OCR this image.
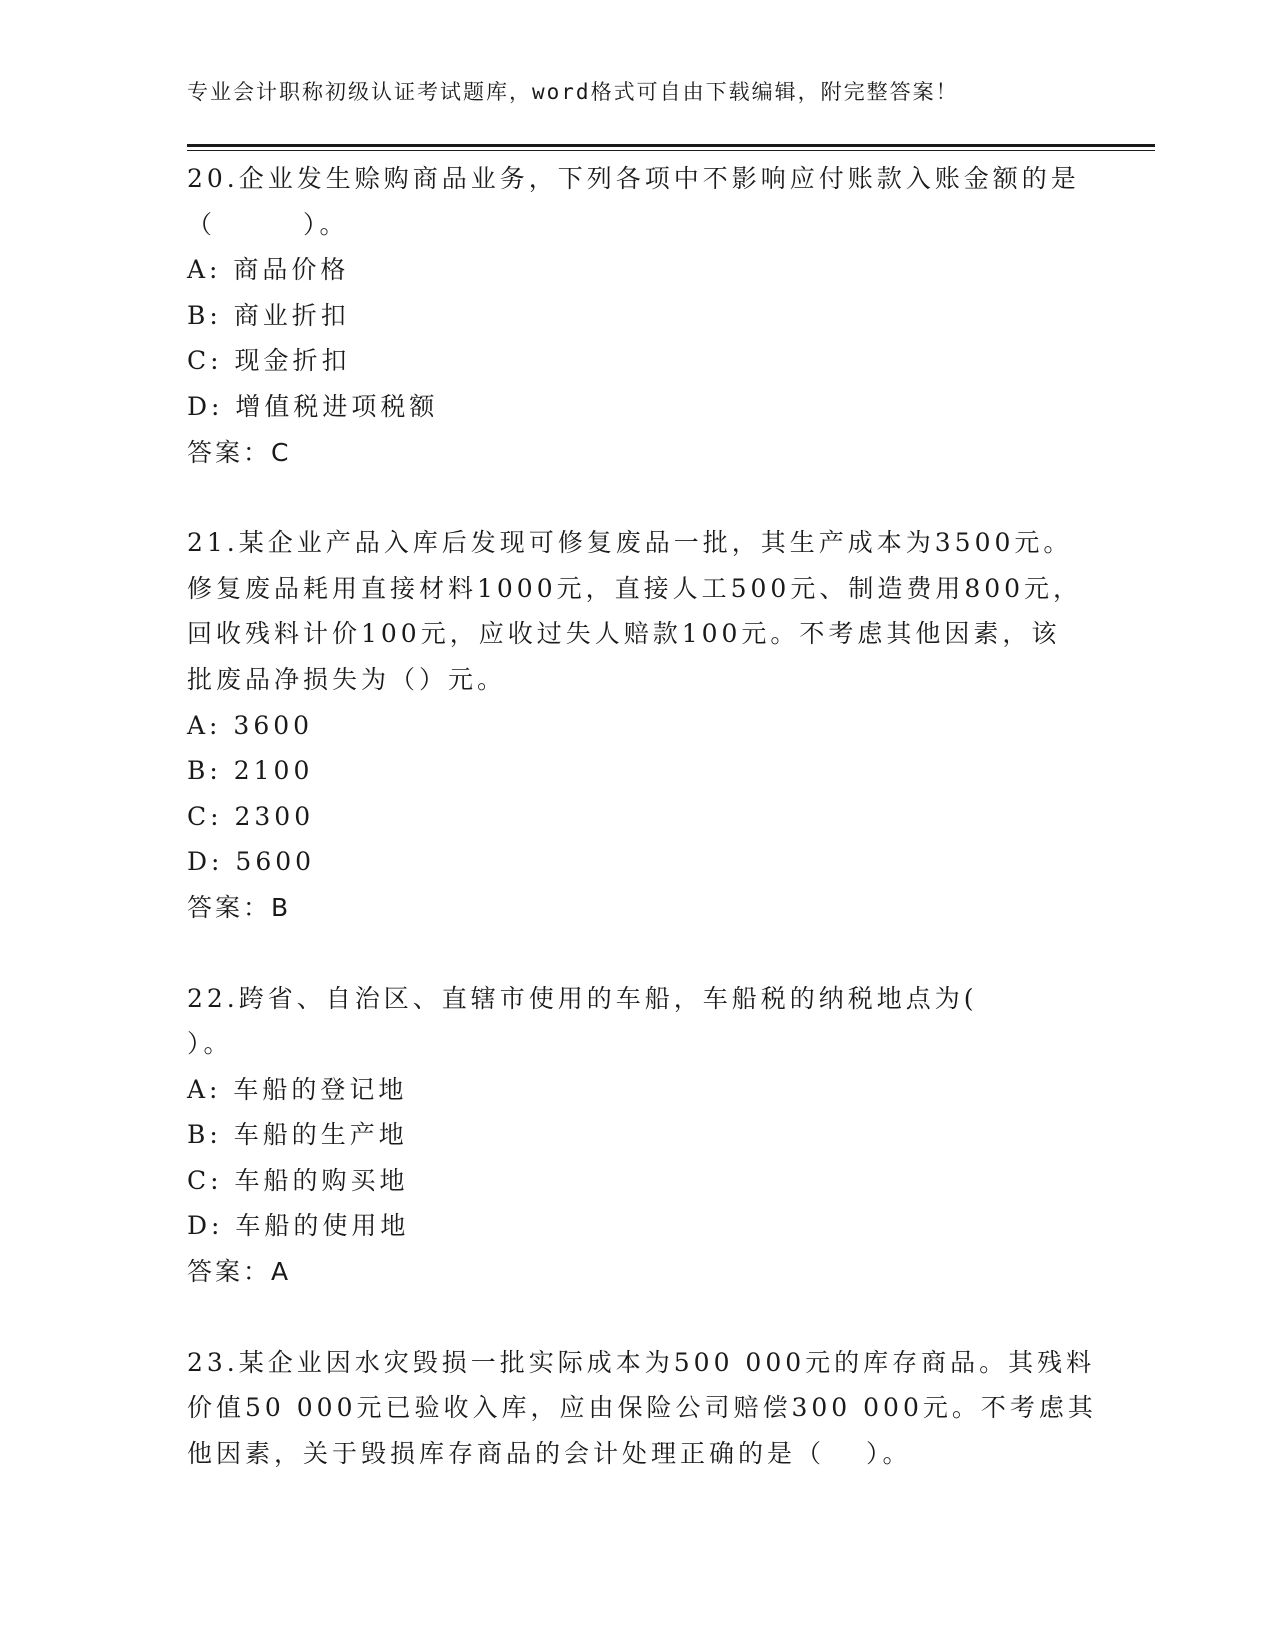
专业会计职称初级认证考试题库，word格式可自由下载编辑，附完整答案！
20.企业发生赊购商品业务，下列各项中不影响应付账款入账金额的是
（　　　）。
A: 商品价格
B: 商业折扣
C: 现金折扣
D: 增值税进项税额
答案：C
21.某企业产品入库后发现可修复废品一批，其生产成本为3500元。
修复废品耗用直接材料1000元，直接人工500元、制造费用800元，
回收残料计价100元，应收过失人赔款100元。不考虑其他因素，该
批废品净损失为（）元。
A: 3600
B: 2100
C: 2300
D: 5600
答案：B
22.跨省、自治区、直辖市使用的车船，车船税的纳税地点为(
）。
A: 车船的登记地
B: 车船的生产地
C: 车船的购买地
D: 车船的使用地
答案：A
23.某企业因水灾毁损一批实际成本为500 000元的库存商品。其残料
价值50 000元已验收入库，应由保险公司赔偿300 000元。不考虑其
他因素，关于毁损库存商品的会计处理正确的是（　 ）。
